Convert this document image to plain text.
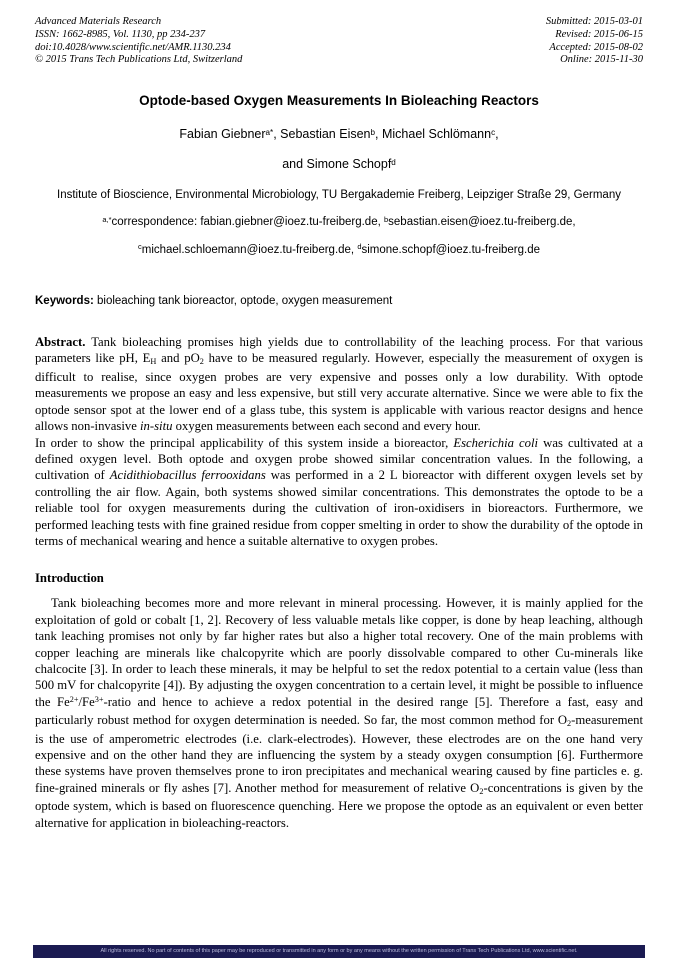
Advanced Materials Research
ISSN: 1662-8985, Vol. 1130, pp 234-237
doi:10.4028/www.scientific.net/AMR.1130.234
© 2015 Trans Tech Publications Ltd, Switzerland
Submitted: 2015-03-01
Revised: 2015-06-15
Accepted: 2015-08-02
Online: 2015-11-30
Optode-based Oxygen Measurements In Bioleaching Reactors
Fabian Giebner$^{a*}$, Sebastian Eisen$^b$, Michael Schlömann$^c$,
and Simone Schopf$^d$
Institute of Bioscience, Environmental Microbiology, TU Bergakademie Freiberg, Leipziger Straße 29, Germany
$^{a,*}$correspondence: fabian.giebner@ioez.tu-freiberg.de, $^b$sebastian.eisen@ioez.tu-freiberg.de,
$^c$michael.schloemann@ioez.tu-freiberg.de, $^d$simone.schopf@ioez.tu-freiberg.de
Keywords: bioleaching tank bioreactor, optode, oxygen measurement

Abstract. Tank bioleaching promises high yields due to controllability of the leaching process. For that various parameters like pH, EH and pO2 have to be measured regularly. However, especially the measurement of oxygen is difficult to realise, since oxygen probes are very expensive and posses only a low durability. With optode measurements we propose an easy and less expensive, but still very accurate alternative. Since we were able to fix the optode sensor spot at the lower end of a glass tube, this system is applicable with various reactor designs and hence allows non-invasive in-situ oxygen measurements between each second and every hour.

In order to show the principal applicability of this system inside a bioreactor, Escherichia coli was cultivated at a defined oxygen level. Both optode and oxygen probe showed similar concentration values. In the following, a cultivation of Acidithiobacillus ferrooxidans was performed in a 2 L bioreactor with different oxygen levels set by controlling the air flow. Again, both systems showed similar concentrations. This demonstrates the optode to be a reliable tool for oxygen measurements during the cultivation of iron-oxidisers in bioreactors. Furthermore, we performed leaching tests with fine grained residue from copper smelting in order to show the durability of the optode in terms of mechanical wearing and hence a suitable alternative to oxygen probes.

Introduction

Tank bioleaching becomes more and more relevant in mineral processing. However, it is mainly applied for the exploitation of gold or cobalt [1, 2]. Recovery of less valuable metals like copper, is done by heap leaching, although tank leaching promises not only by far higher rates but also a higher total recovery. One of the main problems with copper leaching are minerals like chalcopyrite which are poorly dissolvable compared to other Cu-minerals like chalcocite [3]. In order to leach these minerals, it may be helpful to set the redox potential to a certain value (less than 500 mV for chalcopyrite [4]). By adjusting the oxygen concentration to a certain level, it might be possible to influence the $Fe^{2+}/Fe^{3+}$-ratio and hence to achieve a redox potential in the desired range [5]. Therefore a fast, easy and particularly robust method for oxygen determination is needed. So far, the most common method for O2-measurement is the use of amperometric electrodes (i.e. clark-electrodes). However, these electrodes are on the one hand very expensive and on the other hand they are influencing the system by a steady oxygen consumption [6]. Furthermore these systems have proven themselves prone to iron precipitates and mechanical wearing caused by fine particles e. g. fine-grained minerals or fly ashes [7]. Another method for measurement of relative O2-concentrations is given by the optode system, which is based on fluorescence quenching. Here we propose the optode as an equivalent or even better alternative for application in bioleaching-reactors.

All rights reserved. No part of contents of this paper may be reproduced or transmitted in any form or by any means without the written permission of Trans Tech Publications Ltd, www.scientific.net.
